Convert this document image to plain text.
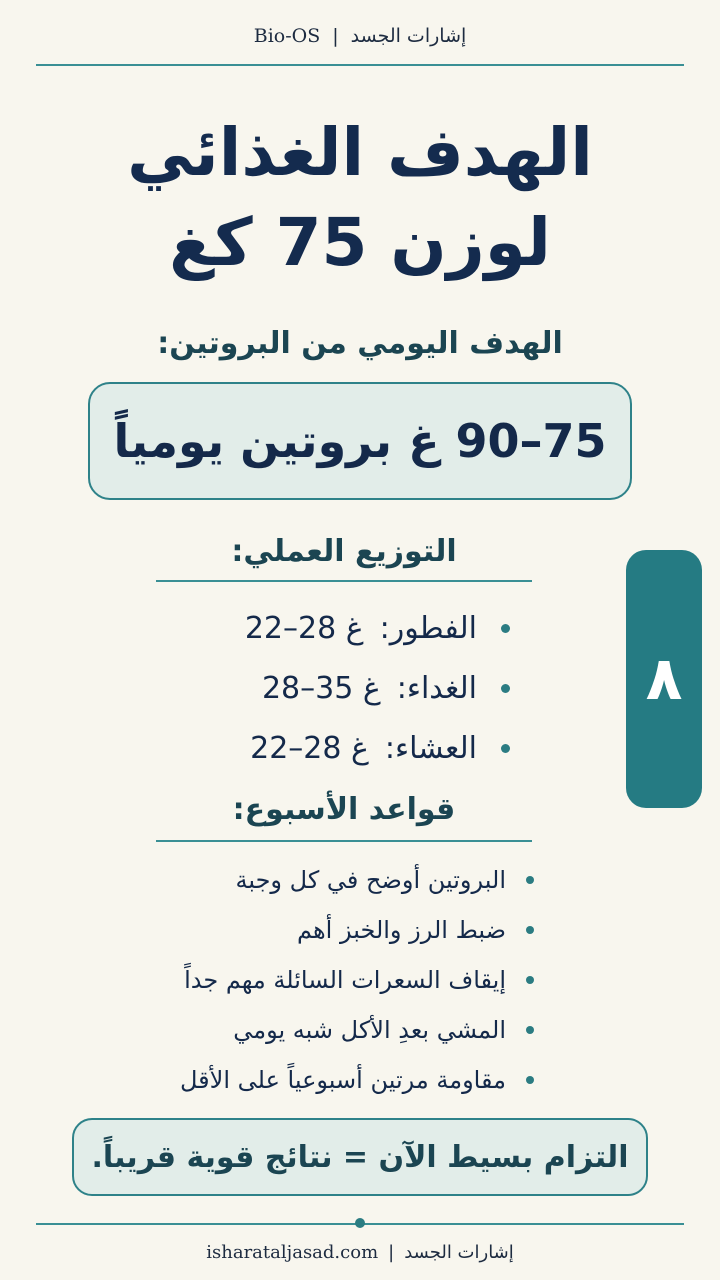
إشارات الجسد
|
Bio-OS
الهدف الغذائي
لوزن 75 كغ
الهدف اليومي من البروتين:
75–90 غ بروتين يومياً
التوزيع العملي:
الفطور:
22–28 غ
الغداء:
28–35 غ
العشاء:
22–28 غ
٨
قواعد الأسبوع:
البروتين أوضح في كل وجبة
ضبط الرز والخبز أهم
إيقاف السعرات السائلة مهم جداً
المشي بعدِ الأكل شبه يومي
مقاومة مرتين أسبوعياً على الأقل
التزام بسيط الآن = نتائج قوية قريباً.
إشارات الجسد
|
isharataljasad.com
